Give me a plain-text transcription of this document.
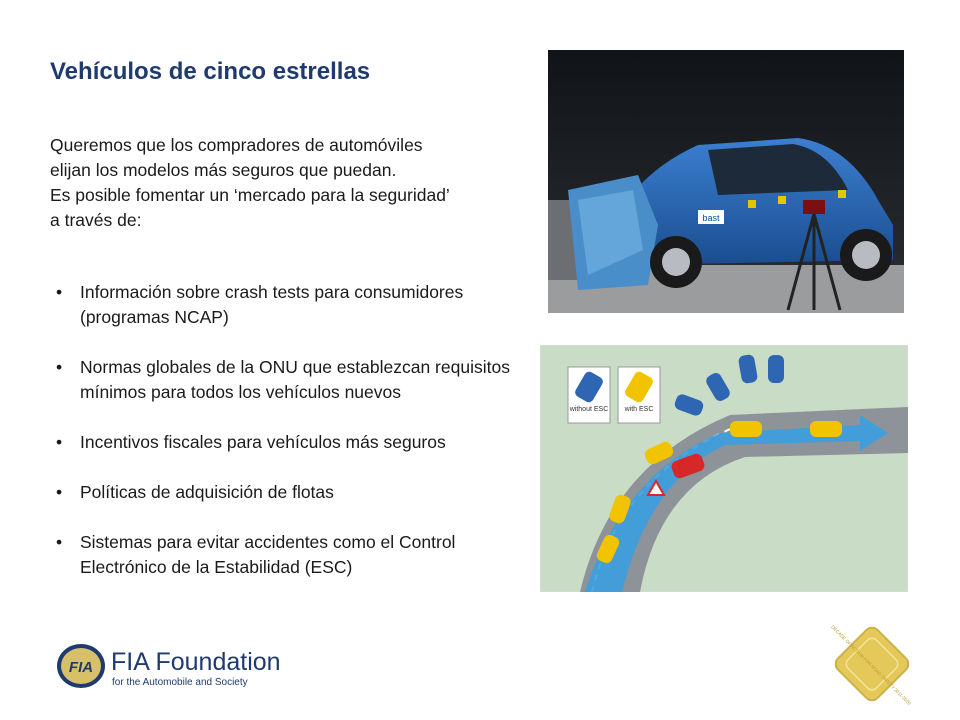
Vehículos de cinco estrellas
Queremos que los compradores de automóviles
elijan los modelos más seguros que puedan.
Es posible fomentar un ‘mercado para la seguridad’
a través de:
• Información sobre crash tests para consumidores (programas NCAP)
• Normas globales de la ONU que establezcan requisitos mínimos para todos los vehículos nuevos
• Incentivos fiscales para vehículos más seguros
• Políticas de adquisición de flotas
• Sistemas para evitar accidentes como el Control Electrónico de la Estabilidad (ESC)
bast
without ESC with ESC
FIA FIA Foundation
for the Automobile and Society	DECADE OF ACTION FOR ROAD SAFETY 2011-2020
